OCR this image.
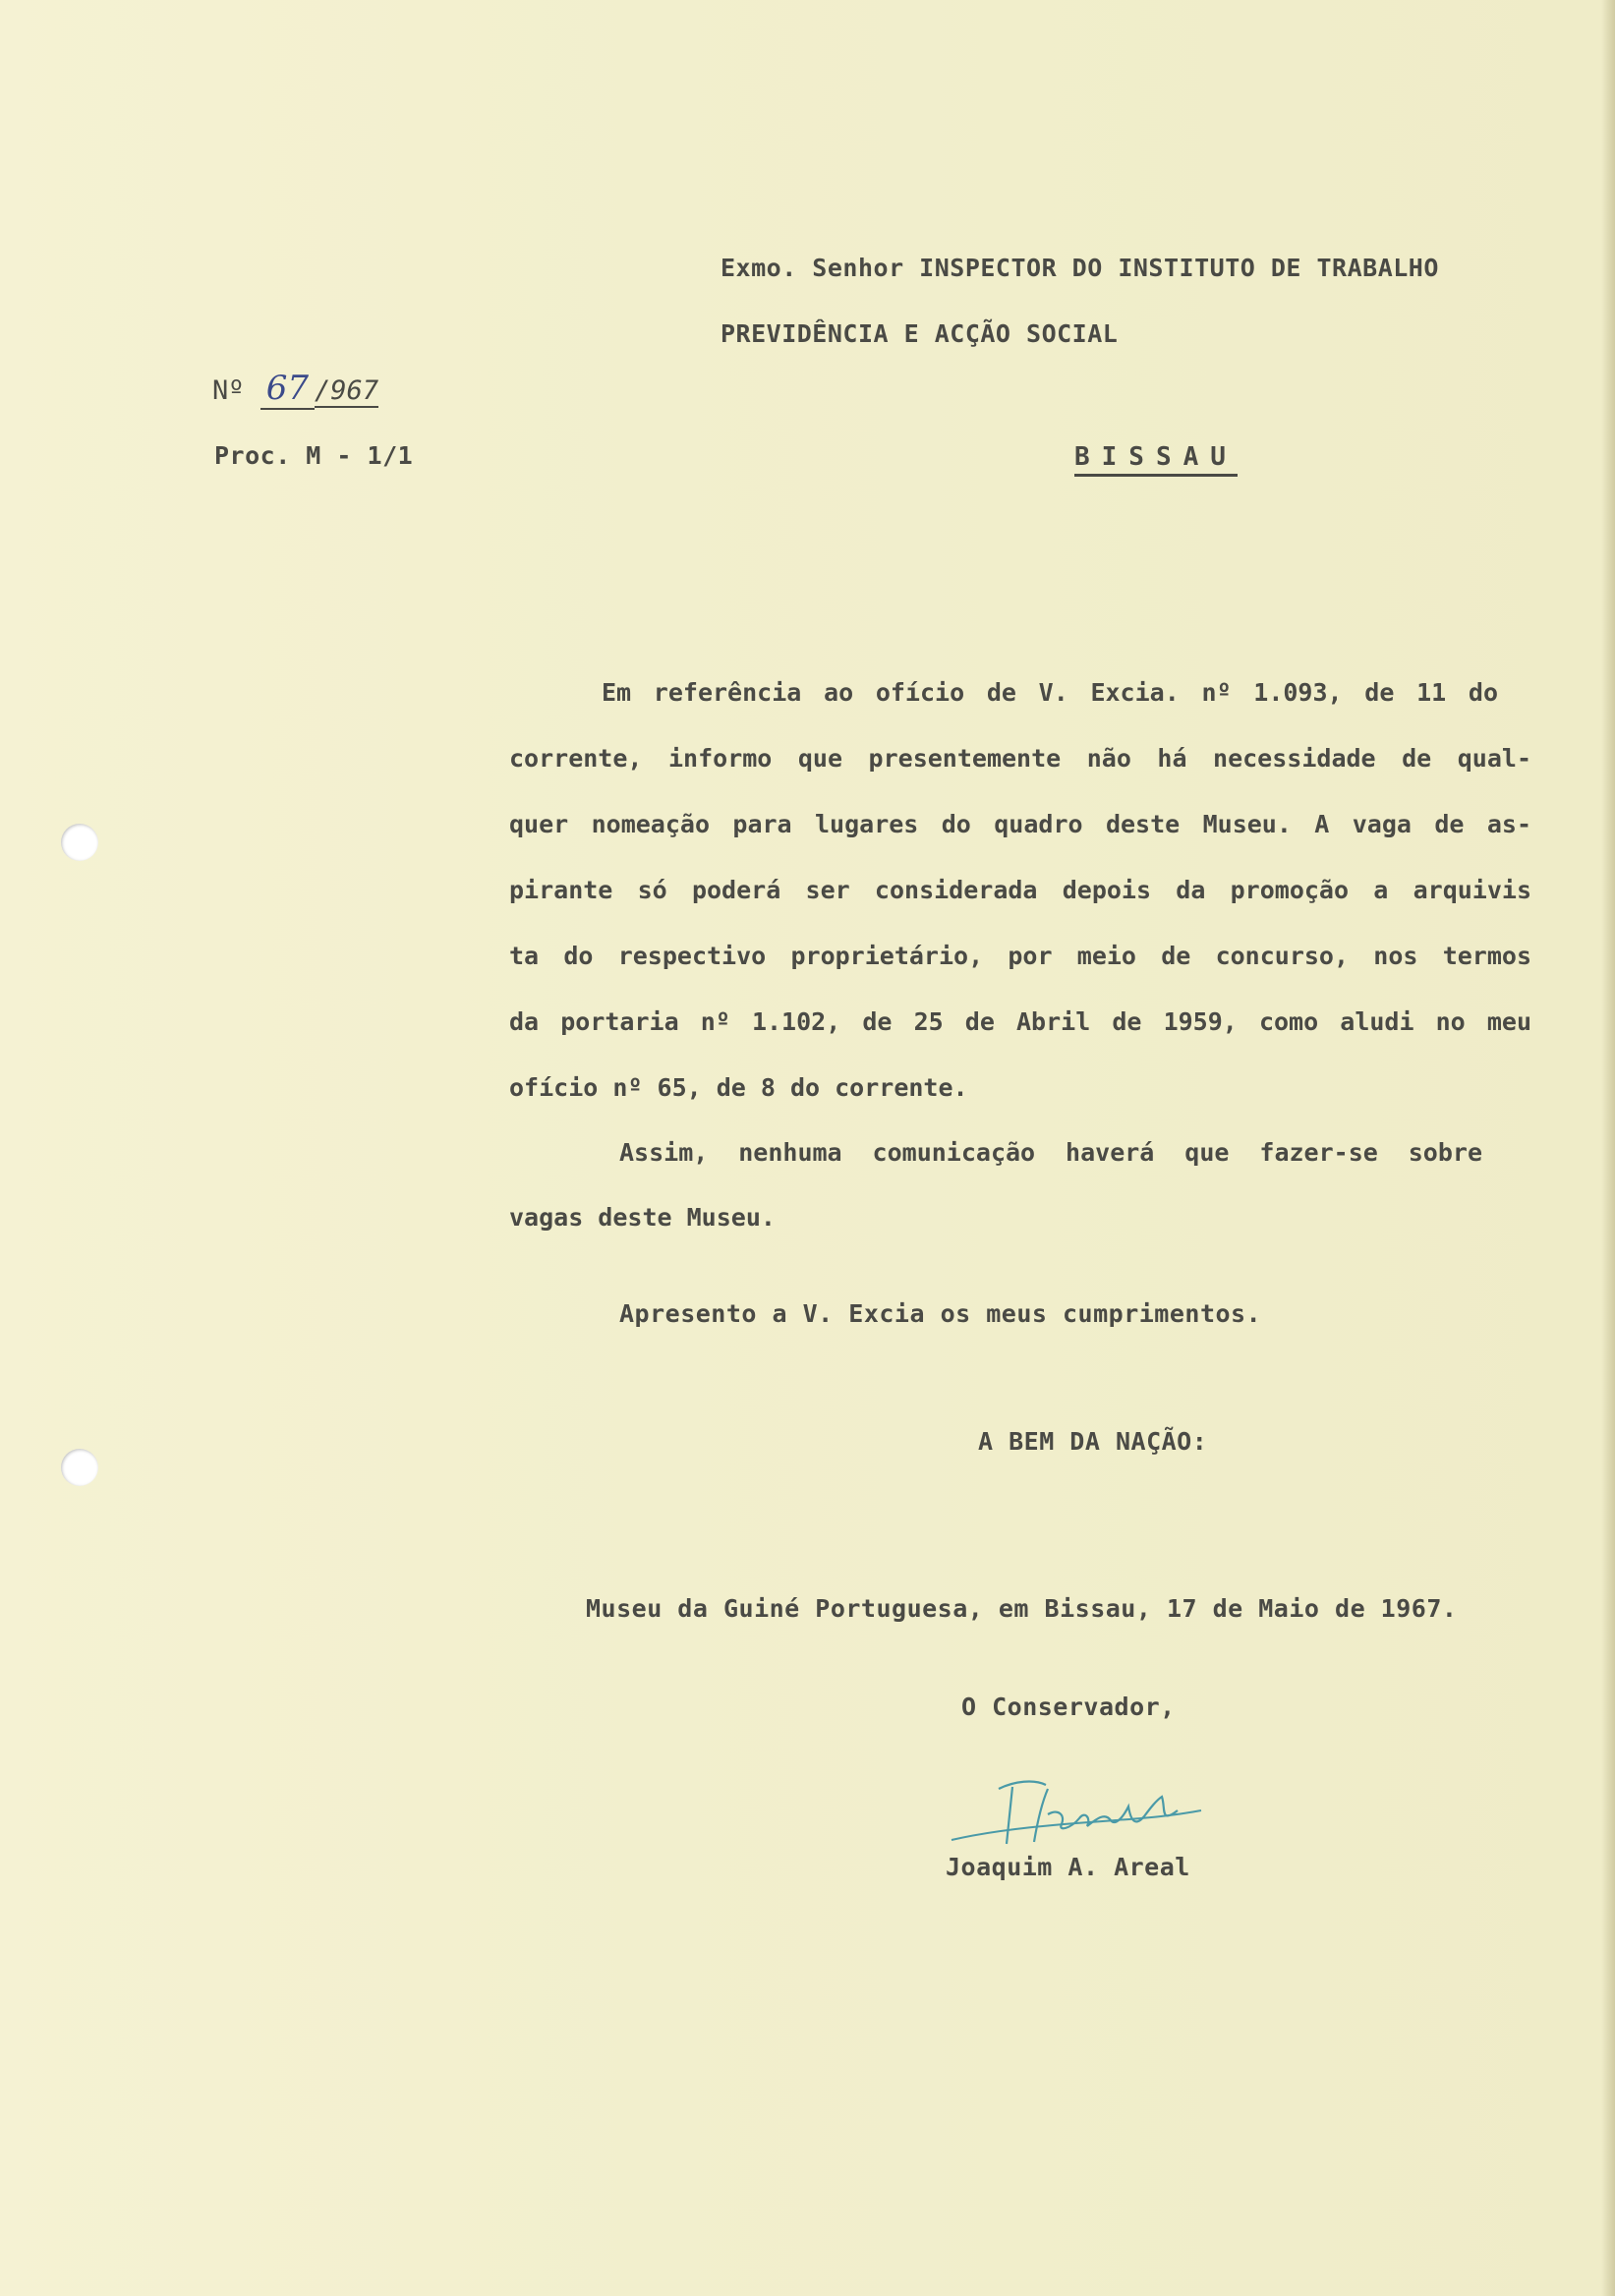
Exmo. Senhor INSPECTOR DO INSTITUTO DE TRABALHO
PREVIDÊNCIA E ACÇÃO SOCIAL
Nº 67 /967
Proc. M - 1/1	BISSAU
Em referência ao ofício de V. Excia. nº 1.093, de 11 do
corrente, informo que presentemente não há necessidade de qual-
quer nomeação para lugares do quadro deste Museu. A vaga de as-
pirante só poderá ser considerada depois da promoção a arquivis
ta do respectivo proprietário, por meio de concurso, nos termos
da portaria nº 1.102, de 25 de Abril de 1959, como aludi no meu
ofício nº 65, de 8 do corrente.
Assim, nenhuma comunicação haverá que fazer-se sobre
vagas deste Museu.
Apresento a V. Excia os meus cumprimentos.
A BEM DA NAÇÃO:
Museu da Guiné Portuguesa, em Bissau, 17 de Maio de 1967.
O Conservador,
Joaquim A. Areal
